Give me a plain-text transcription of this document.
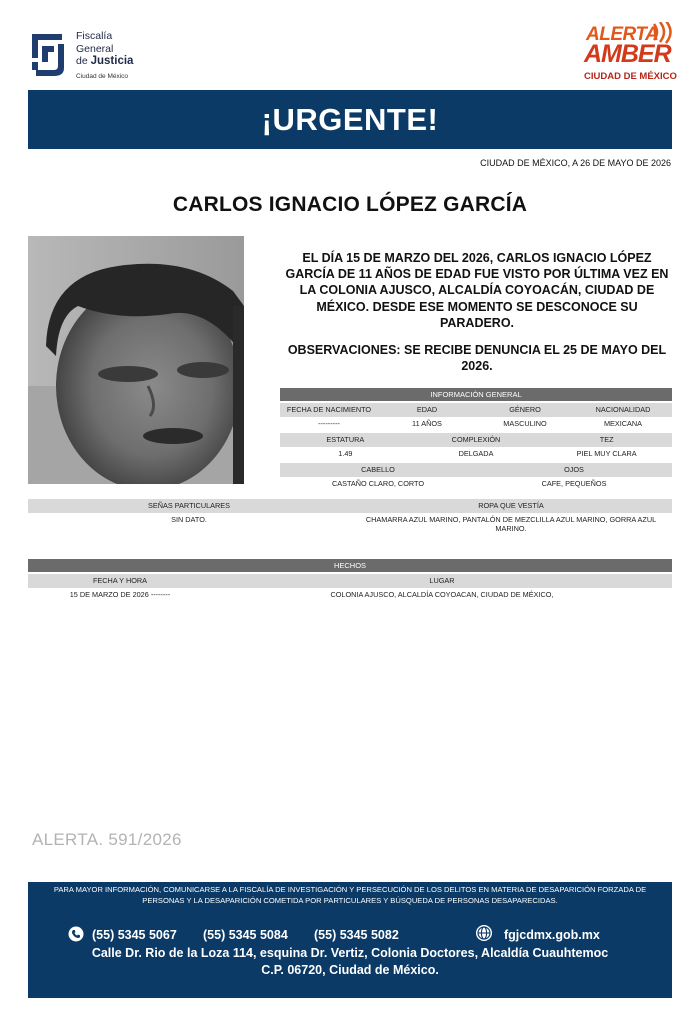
Fiscalía
General
de Justicia
Ciudad de México
ALERTA
AMBER
CIUDAD DE MÉXICO
¡URGENTE!
CIUDAD DE MÉXICO, A 26 DE MAYO DE 2026
CARLOS IGNACIO LÓPEZ GARCÍA
EL DÍA 15 DE MARZO DEL 2026, CARLOS IGNACIO LÓPEZ GARCÍA DE 11 AÑOS DE EDAD FUE VISTO POR ÚLTIMA VEZ EN LA COLONIA AJUSCO, ALCALDÍA COYOACÁN, CIUDAD DE MÉXICO. DESDE ESE MOMENTO SE DESCONOCE SU PARADERO.
OBSERVACIONES: SE RECIBE DENUNCIA EL 25 DE MAYO DEL 2026.
INFORMACIÓN GENERAL
FECHA DE NACIMIENTO	EDAD	GÉNERO	NACIONALIDAD
---------	11 AÑOS	MASCULINO	MEXICANA
ESTATURA	COMPLEXIÓN	TEZ
1.49	DELGADA	PIEL MUY CLARA
CABELLO	OJOS
CASTAÑO CLARO, CORTO	CAFE, PEQUEÑOS
SEÑAS PARTICULARES	ROPA QUE VESTÍA
SIN DATO.	CHAMARRA AZUL MARINO, PANTALÓN DE MEZCLILLA AZUL MARINO, GORRA AZUL MARINO.
HECHOS
FECHA Y HORA	LUGAR
15 DE MARZO DE 2026 --------	COLONIA AJUSCO, ALCALDÍA COYOACAN, CIUDAD DE MÉXICO,
ALERTA. 591/2026
PARA MAYOR INFORMACIÓN, COMUNICARSE A LA FISCALÍA DE INVESTIGACIÓN Y PERSECUCIÓN DE LOS DELITOS EN MATERIA DE DESAPARICIÓN FORZADA DE PERSONAS Y LA DESAPARICIÓN COMETIDA POR PARTICULARES Y BÚSQUEDA DE PERSONAS DESAPARECIDAS.
(55) 5345 5067 (55) 5345 5084 (55) 5345 5082	fgjcdmx.gob.mx
Calle Dr. Rio de la Loza 114, esquina Dr. Vertiz, Colonia Doctores, Alcaldía Cuauhtemoc
C.P. 06720, Ciudad de México.
